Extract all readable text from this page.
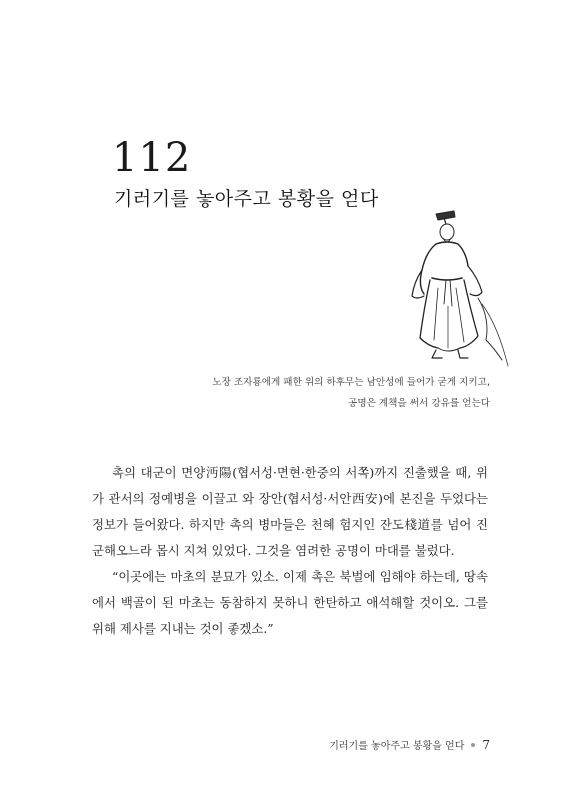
112
기러기를 놓아주고 봉황을 얻다
노장 조자룡에게 패한 위의 하후무는 남안성에 들어가 굳게 지키고,
공명은 계책을 써서 강유를 얻는다

촉의 대군이 면양沔陽(협서성·면현·한중의 서쪽)까지 진출했을 때, 위가 관서의 정예병을 이끌고 와 장안(협서성·서안西安)에 본진을 두었다는 정보가 들어왔다. 하지만 촉의 병마들은 천혜 험지인 잔도棧道를 넘어 진군해오느라 몹시 지쳐 있었다. 그것을 염려한 공명이 마대를 불렀다.

“이곳에는 마초의 분묘가 있소. 이제 촉은 북벌에 임해야 하는데, 땅속에서 백골이 된 마초는 동참하지 못하니 한탄하고 애석해할 것이오. 그를 위해 제사를 지내는 것이 좋겠소.”

기러기를 놓아주고 봉황을 얻다 7
